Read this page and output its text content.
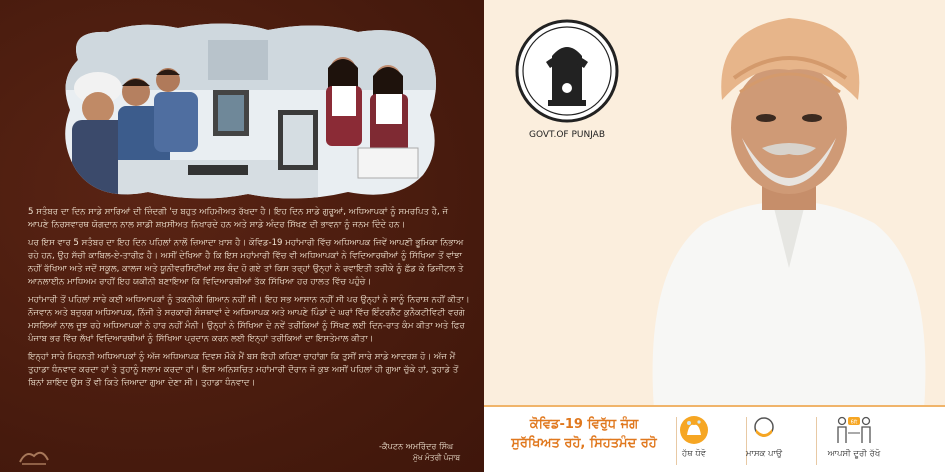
5 ਸਤੰਬਰ ਦਾ ਦਿਨ ਸਾਡੇ ਸਾਰਿਆਂ ਦੀ ਜ਼ਿੰਦਗੀ 'ਚ ਬਹੁਤ ਅਹਿਮੀਅਤ ਰੱਖਦਾ ਹੈ। ਇਹ ਦਿਨ ਸਾਡੇ ਗੁਰੂਆਂ, ਅਧਿਆਪਕਾਂ ਨੂੰ ਸਮਰਪਿਤ ਹੈ, ਜੋ ਆਪਣੇ ਨਿਰਸਵਾਰਥ ਯੋਗਦਾਨ ਨਾਲ ਸਾਡੀ ਸ਼ਖ਼ਸੀਅਤ ਨਿਖਾਰਦੇ ਹਨ ਅਤੇ ਸਾਡੇ ਅੰਦਰ ਸਿੱਖਣ ਦੀ ਭਾਵਨਾ ਨੂੰ ਜਨਮ ਦਿੰਦੇ ਹਨ।

ਪਰ ਇਸ ਵਾਰ 5 ਸਤੰਬਰ ਦਾ ਇਹ ਦਿਨ ਪਹਿਲਾਂ ਨਾਲੋਂ ਜ਼ਿਆਦਾ ਖ਼ਾਸ ਹੈ। ਕੋਵਿਡ-19 ਮਹਾਂਮਾਰੀ ਵਿੱਚ ਅਧਿਆਪਕ ਜਿਵੇਂ ਆਪਣੀ ਭੂਮਿਕਾ ਨਿਭਾਅ ਰਹੇ ਹਨ, ਉਹ ਸੱਚੀ ਕਾਬਿਲ-ਏ-ਤਾਰੀਫ਼ ਹੈ। ਅਸੀਂ ਦੇਖਿਆ ਹੈ ਕਿ ਇਸ ਮਹਾਂਮਾਰੀ ਵਿੱਚ ਵੀ ਅਧਿਆਪਕਾਂ ਨੇ ਵਿਦਿਆਰਥੀਆਂ ਨੂੰ ਸਿੱਖਿਆ ਤੋਂ ਵਾਂਝਾ ਨਹੀਂ ਰੱਖਿਆ ਅਤੇ ਜਦੋਂ ਸਕੂਲ, ਕਾਲਜ ਅਤੇ ਯੂਨੀਵਰਸਿਟੀਆਂ ਸਭ ਬੰਦ ਹੋ ਗਏ ਤਾਂ ਕਿਸ ਤਰ੍ਹਾਂ ਉਨ੍ਹਾਂ ਨੇ ਰਵਾਇਤੀ ਤਰੀਕੇ ਨੂੰ ਛੱਡ ਕੇ ਡਿਜੀਟਲ ਤੇ ਆਨਲਾਈਨ ਮਾਧਿਅਮ ਰਾਹੀਂ ਇਹ ਯਕੀਨੀ ਬਣਾਇਆ ਕਿ ਵਿਦਿਆਰਥੀਆਂ ਤੱਕ ਸਿੱਖਿਆ ਹਰ ਹਾਲਤ ਵਿੱਚ ਪਹੁੰਚੇ।

ਮਹਾਂਮਾਰੀ ਤੋਂ ਪਹਿਲਾਂ ਸਾਰੇ ਕਈ ਅਧਿਆਪਕਾਂ ਨੂੰ ਤਕਨੀਕੀ ਗਿਆਨ ਨਹੀਂ ਸੀ। ਇਹ ਸਭ ਆਸਾਨ ਨਹੀਂ ਸੀ ਪਰ ਉਨ੍ਹਾਂ ਨੇ ਸਾਨੂੰ ਨਿਰਾਸ਼ ਨਹੀਂ ਕੀਤਾ। ਨੌਜਵਾਨ ਅਤੇ ਬਜ਼ੁਰਗ ਅਧਿਆਪਕ, ਨਿੱਜੀ ਤੇ ਸਰਕਾਰੀ ਸੰਸਥਾਵਾਂ ਦੇ ਅਧਿਆਪਕ ਅਤੇ ਆਪਣੇ ਪਿੰਡਾਂ ਦੇ ਘਰਾਂ ਵਿੱਚ ਇੰਟਰਨੈੱਟ ਕੁਨੈਕਟੀਵਿਟੀ ਵਰਗੇ ਮਸਲਿਆਂ ਨਾਲ ਜੂਝ ਰਹੇ ਅਧਿਆਪਕਾਂ ਨੇ ਹਾਰ ਨਹੀਂ ਮੰਨੀ। ਉਨ੍ਹਾਂ ਨੇ ਸਿੱਖਿਆ ਦੇ ਨਵੇਂ ਤਰੀਕਿਆਂ ਨੂੰ ਸਿੱਖਣ ਲਈ ਦਿਨ-ਰਾਤ ਕੰਮ ਕੀਤਾ ਅਤੇ ਫਿਰ ਪੰਜਾਬ ਭਰ ਵਿੱਚ ਲੱਖਾਂ ਵਿਦਿਆਰਥੀਆਂ ਨੂੰ ਸਿੱਖਿਆ ਪ੍ਰਦਾਨ ਕਰਨ ਲਈ ਇਨ੍ਹਾਂ ਤਰੀਕਿਆਂ ਦਾ ਇਸਤੇਮਾਲ ਕੀਤਾ।

ਇਨ੍ਹਾਂ ਸਾਰੇ ਮਿਹਨਤੀ ਅਧਿਆਪਕਾਂ ਨੂੰ ਅੱਜ ਅਧਿਆਪਕ ਦਿਵਸ ਮੌਕੇ ਮੈਂ ਬਸ ਇਹੀ ਕਹਿਣਾ ਚਾਹਾਂਗਾ ਕਿ ਤੁਸੀਂ ਸਾਰੇ ਸਾਡੇ ਆਦਰਸ਼ ਹੋ। ਅੱਜ ਮੈਂ ਤੁਹਾਡਾ ਧੰਨਵਾਦ ਕਰਦਾ ਹਾਂ ਤੇ ਤੁਹਾਨੂੰ ਸਲਾਮ ਕਰਦਾ ਹਾਂ। ਇਸ ਅਨਿਸ਼ਚਿਤ ਮਹਾਂਮਾਰੀ ਦੌਰਾਨ ਜੋ ਕੁਝ ਅਸੀਂ ਪਹਿਲਾਂ ਹੀ ਗੁਆ ਚੁੱਕੇ ਹਾਂ, ਤੁਹਾਡੇ ਤੋਂ ਬਿਨਾਂ ਸ਼ਾਇਦ ਉਸ ਤੋਂ ਵੀ ਕਿਤੇ ਜ਼ਿਆਦਾ ਗੁਆ ਦੇਣਾ ਸੀ। ਤੁਹਾਡਾ ਧੰਨਵਾਦ।

-ਕੈਪਟਨ ਅਮਰਿੰਦਰ ਸਿੰਘ
ਮੁੱਖ ਮੰਤਰੀ ਪੰਜਾਬ
GOVT.OF PUNJAB
ਕੋਵਿਡ-19 ਵਿਰੁੱਧ ਜੰਗ
ਸੁਰੱਖਿਅਤ ਰਹੋ, ਸਿਹਤਮੰਦ ਰਹੋ
ਹੱਥ ਧੋਵੋ	ਮਾਸਕ ਪਾਉ
6ft
ਆਪਸੀ ਦੂਰੀ ਰੱਖੋ
